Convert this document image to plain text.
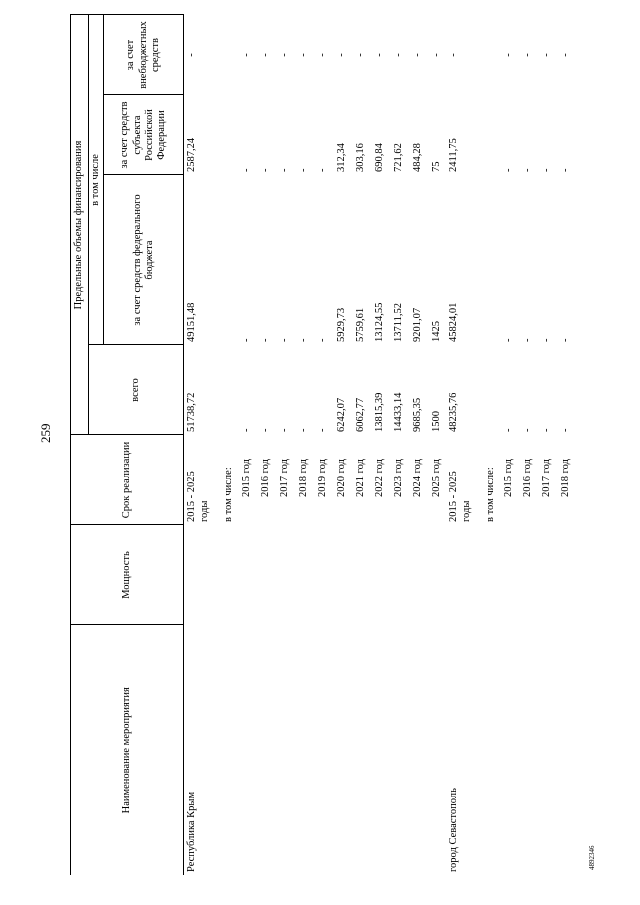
259
Наименование мероприятия	Мощность	Срок реализации	Предельные объемы финансирования			
			всего	в том числе		
				за счет средств федерального бюджета	за счет средств субъекта Российской Федерации	за счет внебюджетных средств
Республика Крым		2015 - 2025 годы	51738,72	49151,48	2587,24	-
		в том числе:				
		2015 год	-	-	-	-
		2016 год	-	-	-	-
		2017 год	-	-	-	-
		2018 год	-	-	-	-
		2019 год	-	-	-	-
		2020 год	6242,07	5929,73	312,34	-
		2021 год	6062,77	5759,61	303,16	-
		2022 год	13815,39	13124,55	690,84	-
		2023 год	14433,14	13711,52	721,62	-
		2024 год	9685,35	9201,07	484,28	-
		2025 год	1500	1425	75	-
город Севастополь		2015 - 2025 годы	48235,76	45824,01	2411,75	-
		в том числе:				
		2015 год	-	-	-	-
		2016 год	-	-	-	-
		2017 год	-	-	-	-
		2018 год	-	-	-	-
4892346
